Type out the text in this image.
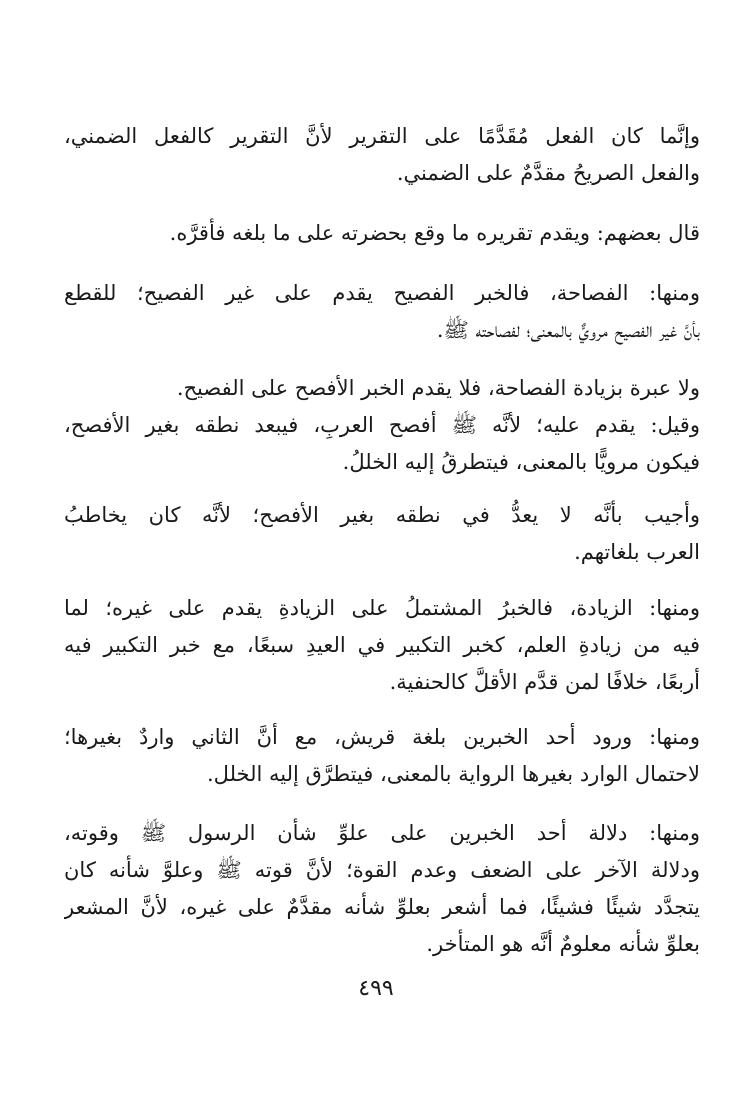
وإنَّما كان الفعل مُقَدَّمًا على التقرير لأنَّ التقرير كالفعل الضمني،
والفعل الصريحُ مقدَّمٌ على الضمني.
قال بعضهم: ويقدم تقريره ما وقع بحضرته على ما بلغه فأقرَّه.
ومنها: الفصاحة، فالخبر الفصيح يقدم على غير الفصيح؛ للقطع
بأنَّ غير الفصيح مرويٌّ بالمعنى؛ لفصاحته ﷺ.
ولا عبرة بزيادة الفصاحة، فلا يقدم الخبر الأفصح على الفصيح.
وقيل: يقدم عليه؛ لأنَّه ﷺ أفصح العربِ، فيبعد نطقه بغير الأفصح،
فيكون مرويًّا بالمعنى، فيتطرقُ إليه الخللُ.
وأجيب بأنَّه لا يعدُّ في نطقه بغير الأفصح؛ لأنَّه كان يخاطبُ
العرب بلغاتهم.
ومنها: الزيادة، فالخبرُ المشتملُ على الزيادةِ يقدم على غيره؛ لما
فيه من زيادةِ العلم، كخبر التكبير في العيدِ سبعًا، مع خبر التكبير فيه
أربعًا، خلافًا لمن قدَّم الأقلَّ كالحنفية.
ومنها: ورود أحد الخبرين بلغة قريش، مع أنَّ الثاني واردٌ بغيرها؛
لاحتمال الوارد بغيرها الرواية بالمعنى، فيتطرَّق إليه الخلل.
ومنها: دلالة أحد الخبرين على علوِّ شأن الرسول ﷺ وقوته،
ودلالة الآخر على الضعف وعدم القوة؛ لأنَّ قوته ﷺ وعلوَّ شأنه كان
يتجدَّد شيئًا فشيئًا، فما أشعر بعلوِّ شأنه مقدَّمٌ على غيره، لأنَّ المشعر
بعلوِّ شأنه معلومٌ أنَّه هو المتأخر.
٤٩٩
